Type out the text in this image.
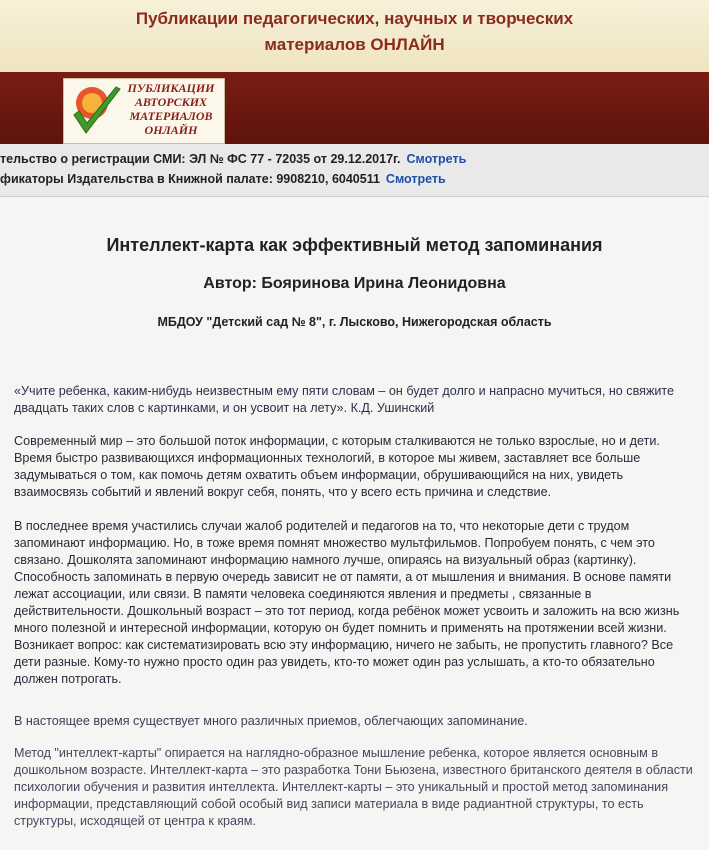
Публикации педагогических, научных и творческих
материалов ОНЛАЙН
ПУБЛИКАЦИИ АВТОРСКИХ МАТЕРИАЛОВ ОНЛАЙН
тельство о регистрации СМИ: ЭЛ № ФС 77 - 72035 от 29.12.2017г. Смотреть
фикаторы Издательства в Книжной палате: 9908210, 6040511 Смотреть
Интеллект-карта как эффективный метод запоминания
Автор: Бояринова Ирина Леонидовна
МБДОУ "Детский сад № 8", г. Лысково, Нижегородская область

«Учите ребенка, каким-нибудь неизвестным ему пяти словам – он будет долго и напрасно мучиться, но свяжите двадцать таких слов с картинками, и он усвоит на лету». К.Д. Ушинский

Современный мир – это большой поток информации, с которым сталкиваются не только взрослые, но и дети. Время быстро развивающихся информационных технологий, в которое мы живем, заставляет все больше задумываться о том, как помочь детям охватить объем информации, обрушивающийся на них, увидеть взаимосвязь событий и явлений вокруг себя, понять, что у всего есть причина и следствие.

В последнее время участились случаи жалоб родителей и педагогов на то, что некоторые дети с трудом запоминают информацию. Но, в тоже время помнят множество мультфильмов. Попробуем понять, с чем это связано. Дошколята запоминают информацию намного лучше, опираясь на визуальный образ (картинку). Способность запоминать в первую очередь зависит не от памяти, а от мышления и внимания. В основе памяти лежат ассоциации, или связи. В памяти человека соединяются явления и предметы , связанные в действительности. Дошкольный возраст – это тот период, когда ребёнок может усвоить и заложить на всю жизнь много полезной и интересной информации, которую он будет помнить и применять на протяжении всей жизни. Возникает вопрос: как систематизировать всю эту информацию, ничего не забыть, не пропустить главного? Все дети разные. Кому-то нужно просто один раз увидеть, кто-то может один раз услышать, а кто-то обязательно должен потрогать.

В настоящее время существует много различных приемов, облегчающих запоминание.

Метод "интеллект-карты" опирается на наглядно-образное мышление ребенка, которое является основным в дошкольном возрасте. Интеллект-карта – это разработка Тони Бьюзена, известного британского деятеля в области психологии обучения и развития интеллекта. Интеллект-карты – это уникальный и простой метод запоминания информации, представляющий собой особый вид записи материала в виде радиантной структуры, то есть структуры, исходящей от центра к краям.
